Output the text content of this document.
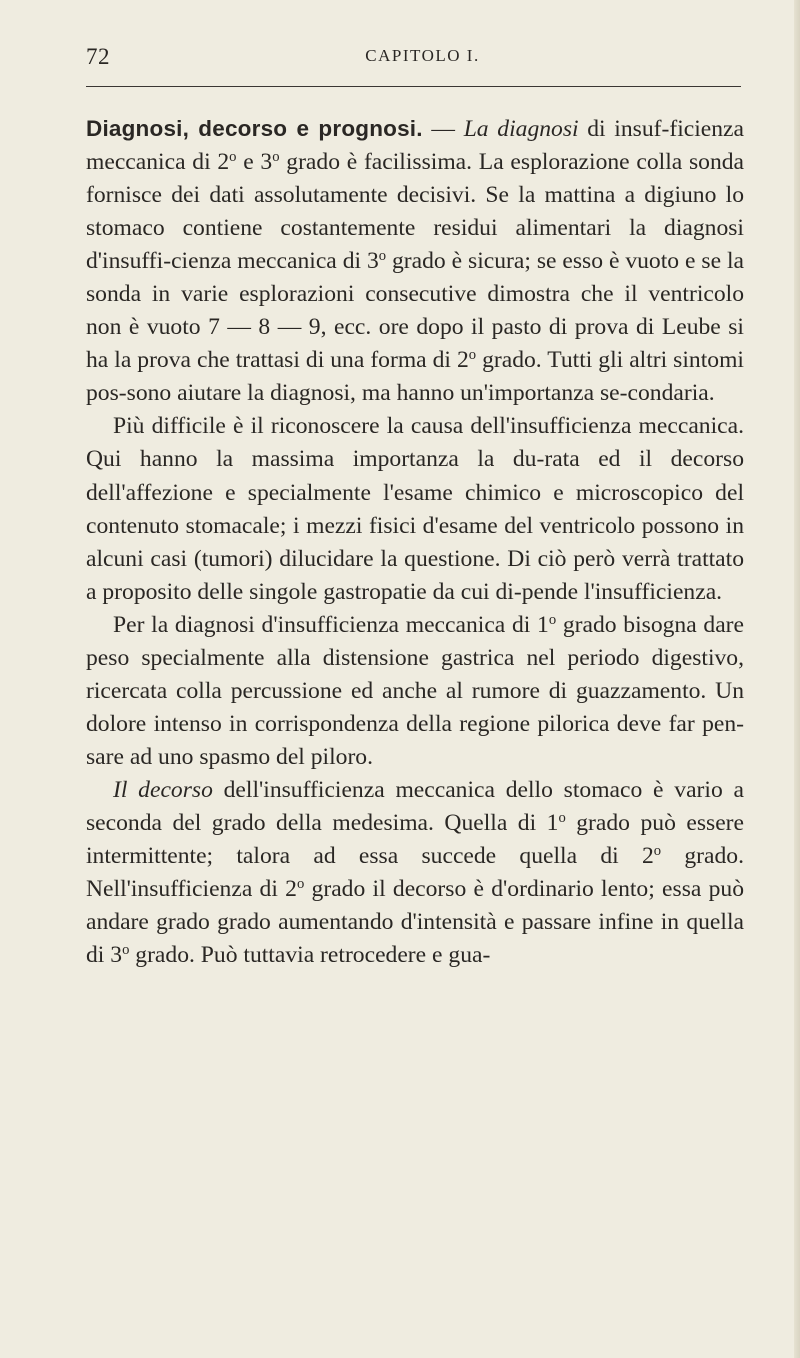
72	CAPITOLO I.

Diagnosi, decorso e prognosi. — La diagnosi di insuf-ficienza meccanica di 2$^o$ e 3$^o$ grado è facilissima. La esplorazione colla sonda fornisce dei dati assolutamente decisivi. Se la mattina a digiuno lo stomaco contiene costantemente residui alimentari la diagnosi d'insuffi-cienza meccanica di 3$^o$ grado è sicura; se esso è vuoto e se la sonda in varie esplorazioni consecutive dimostra che il ventricolo non è vuoto 7 — 8 — 9, ecc. ore dopo il pasto di prova di Leube si ha la prova che trattasi di una forma di 2$^o$ grado. Tutti gli altri sintomi pos-sono aiutare la diagnosi, ma hanno un'importanza se-condaria.

Più difficile è il riconoscere la causa dell'insufficienza meccanica. Qui hanno la massima importanza la du-rata ed il decorso dell'affezione e specialmente l'esame chimico e microscopico del contenuto stomacale; i mezzi fisici d'esame del ventricolo possono in alcuni casi (tumori) dilucidare la questione. Di ciò però verrà trattato a proposito delle singole gastropatie da cui di-pende l'insufficienza.

Per la diagnosi d'insufficienza meccanica di 1$^o$ grado bisogna dare peso specialmente alla distensione gastrica nel periodo digestivo, ricercata colla percussione ed anche al rumore di guazzamento. Un dolore intenso in corrispondenza della regione pilorica deve far pen-sare ad uno spasmo del piloro.

Il decorso dell'insufficienza meccanica dello stomaco è vario a seconda del grado della medesima. Quella di 1$^o$ grado può essere intermittente; talora ad essa succede quella di 2$^o$ grado. Nell'insufficienza di 2$^o$ grado il decorso è d'ordinario lento; essa può andare grado grado aumentando d'intensità e passare infine in quella di 3$^o$ grado. Può tuttavia retrocedere e gua-
